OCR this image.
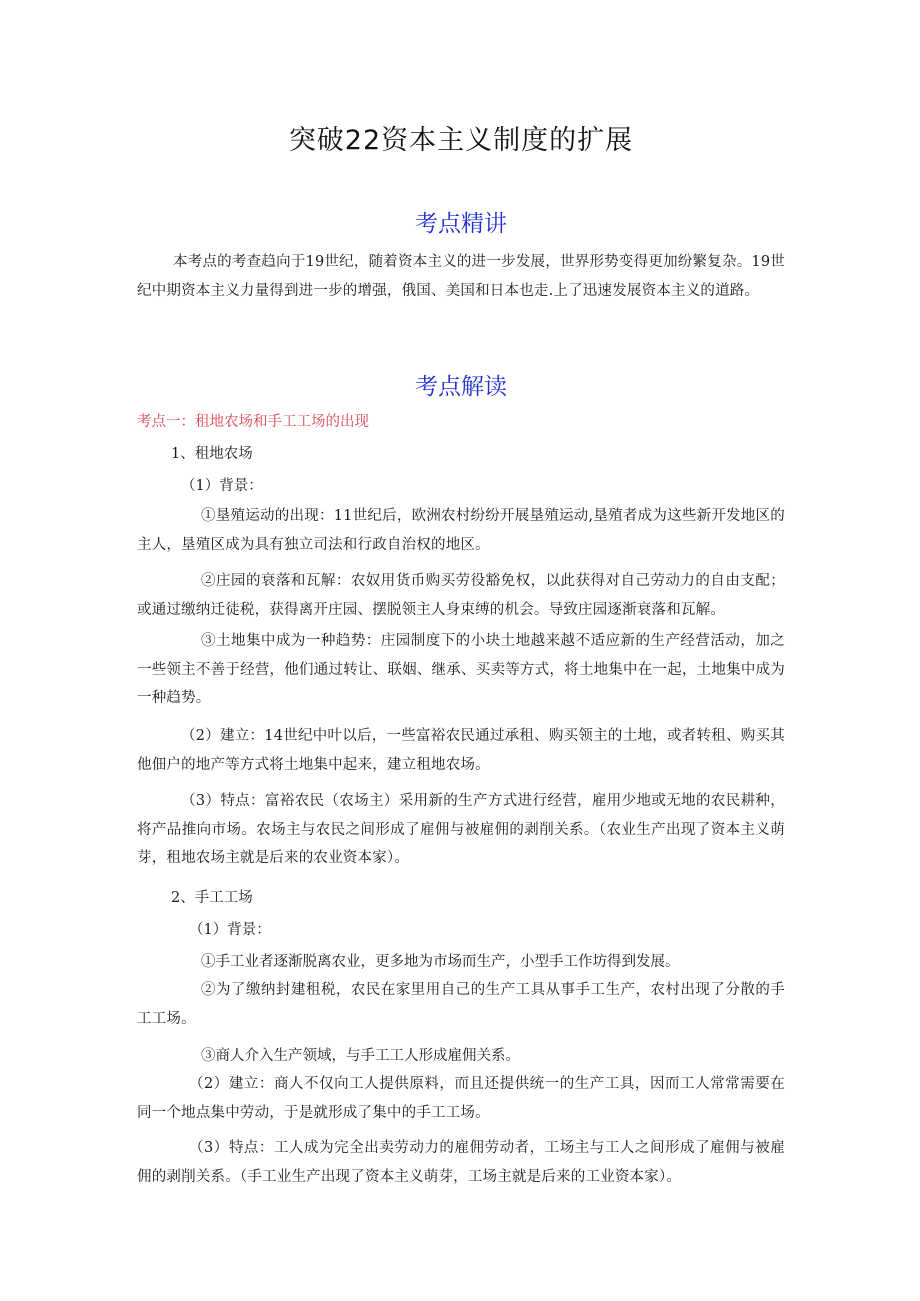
突破22资本主义制度的扩展
考点精讲
本考点的考查趋向于19世纪，随着资本主义的进一步发展，世界形势变得更加纷繁复杂。19世纪中期资本主义力量得到进一步的增强，俄国、美国和日本也走.上了迅速发展资本主义的道路。
考点解读
考点一：租地农场和手工工场的出现
1、租地农场
（1）背景：
①垦殖运动的出现：11世纪后，欧洲农村纷纷开展垦殖运动,垦殖者成为这些新开发地区的主人，垦殖区成为具有独立司法和行政自治权的地区。
②庄园的衰落和瓦解：农奴用货币购买劳役豁免权，以此获得对自己劳动力的自由支配；或通过缴纳迁徒税，获得离开庄园、摆脱领主人身束缚的机会。导致庄园逐渐衰落和瓦解。
③土地集中成为一种趋势：庄园制度下的小块土地越来越不适应新的生产经营活动，加之一些领主不善于经营，他们通过转让、联姻、继承、买卖等方式，将土地集中在一起，土地集中成为一种趋势。
（2）建立：14世纪中叶以后，一些富裕农民通过承租、购买领主的土地，或者转租、购买其他佃户的地产等方式将土地集中起来，建立租地农场。
（3）特点：富裕农民（农场主）采用新的生产方式进行经营，雇用少地或无地的农民耕种，将产品推向市场。农场主与农民之间形成了雇佣与被雇佣的剥削关系。（农业生产出现了资本主义萌芽，租地农场主就是后来的农业资本家）。
2、手工工场
（1）背景：
①手工业者逐渐脱离农业，更多地为市场而生产，小型手工作坊得到发展。
②为了缴纳封建租税，农民在家里用自己的生产工具从事手工生产，农村出现了分散的手工工场。
③商人介入生产领域，与手工工人形成雇佣关系。
（2）建立：商人不仅向工人提供原料，而且还提供统一的生产工具，因而工人常常需要在同一个地点集中劳动，于是就形成了集中的手工工场。
（3）特点：工人成为完全出卖劳动力的雇佣劳动者，工场主与工人之间形成了雇佣与被雇佣的剥削关系。（手工业生产出现了资本主义萌芽，工场主就是后来的工业资本家）。
